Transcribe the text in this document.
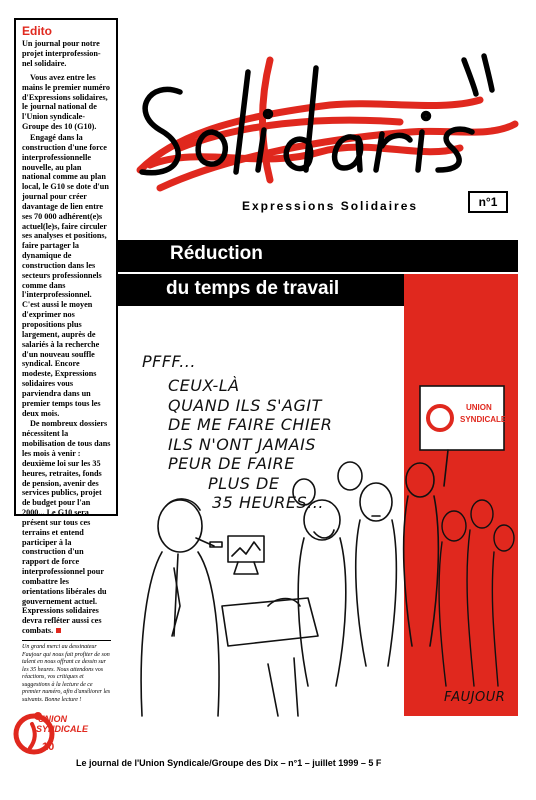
Edito

Un journal pour notre projet interprofession-nel solidaire.

Vous avez entre les mains le premier numéro d'Expressions solidaires, le journal national de l'Union syndicale-Groupe des 10 (G10).

Engagé dans la construction d'une force interprofessionnelle nouvelle, au plan national comme au plan local, le G10 se dote d'un journal pour créer davantage de lien entre ses 70 000 adhérent(e)s actuel(le)s, faire circuler ses analyses et positions, faire partager la dynamique de construction dans les secteurs professionnels comme dans l'interprofessionnel. C'est aussi le moyen d'exprimer nos propositions plus largement, auprès de salariés à la recherche d'un nouveau souffle syndical. Encore modeste, Expressions solidaires vous parviendra dans un premier temps tous les deux mois.

De nombreux dossiers nécessitent la mobilisation de tous dans les mois à venir : deuxième loi sur les 35 heures, retraites, fonds de pension, avenir des services publics, projet de budget pour l'an 2000... Le G10 sera présent sur tous ces terrains et entend participer à la construction d'un rapport de force interprofessionnel pour combattre les orientations libérales du gouvernement actuel. Expressions solidaires devra refléter aussi ces combats.

Un grand merci au dessinateur Faujour qui nous fait profiter de son talent en nous offrant ce dessin sur les 35 heures. Nous attendons vos réactions, vos critiques et suggestions à la lecture de ce premier numéro, afin d'améliorer les suivants. Bonne lecture !
Expressions Solidaires	n°1
Réduction
du temps de travail
UNION
SYNDICALE
PFFF...
CEUX-LÀ
QUAND ILS S'AGIT
DE ME FAIRE CHIER
ILS N'ONT JAMAIS
PEUR DE FAIRE
PLUS DE
35 HEURES...
FAUJOUR
UNION
SYNDICALE
10
Le journal de l'Union Syndicale/Groupe des Dix – n°1 – juillet 1999 – 5 F
